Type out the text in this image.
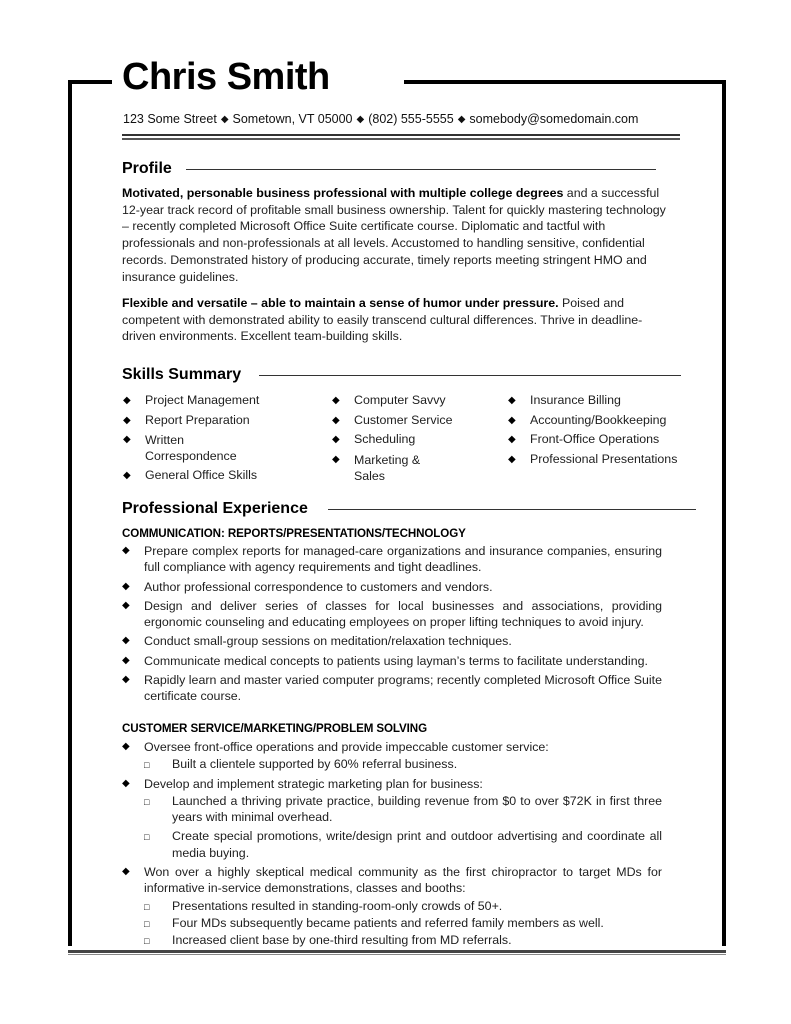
Chris Smith
123 Some Street ◆ Sometown, VT 05000 ◆ (802) 555-5555 ◆ somebody@somedomain.com
Profile
Motivated, personable business professional with multiple college degrees and a successful 12-year track record of profitable small business ownership. Talent for quickly mastering technology – recently completed Microsoft Office Suite certificate course. Diplomatic and tactful with professionals and non-professionals at all levels. Accustomed to handling sensitive, confidential records. Demonstrated history of producing accurate, timely reports meeting stringent HMO and insurance guidelines.
Flexible and versatile – able to maintain a sense of humor under pressure. Poised and competent with demonstrated ability to easily transcend cultural differences. Thrive in deadline-driven environments. Excellent team-building skills.
Skills Summary
◆ Project Management
◆ Report Preparation
◆ Written Correspondence
◆ General Office Skills
◆ Computer Savvy
◆ Customer Service
◆ Scheduling
◆ Marketing & Sales
◆ Insurance Billing
◆ Accounting/Bookkeeping
◆ Front-Office Operations
◆ Professional Presentations
Professional Experience
COMMUNICATION: REPORTS/PRESENTATIONS/TECHNOLOGY
◆ Prepare complex reports for managed-care organizations and insurance companies, ensuring full compliance with agency requirements and tight deadlines.
◆ Author professional correspondence to customers and vendors.
◆ Design and deliver series of classes for local businesses and associations, providing ergonomic counseling and educating employees on proper lifting techniques to avoid injury.
◆ Conduct small-group sessions on meditation/relaxation techniques.
◆ Communicate medical concepts to patients using layman’s terms to facilitate understanding.
◆ Rapidly learn and master varied computer programs; recently completed Microsoft Office Suite certificate course.
CUSTOMER SERVICE/MARKETING/PROBLEM SOLVING
◆ Oversee front-office operations and provide impeccable customer service:
□ Built a clientele supported by 60% referral business.
◆ Develop and implement strategic marketing plan for business:
□ Launched a thriving private practice, building revenue from $0 to over $72K in first three years with minimal overhead.
□ Create special promotions, write/design print and outdoor advertising and coordinate all media buying.
◆ Won over a highly skeptical medical community as the first chiropractor to target MDs for informative in-service demonstrations, classes and booths:
□ Presentations resulted in standing-room-only crowds of 50+.
□ Four MDs subsequently became patients and referred family members as well.
□ Increased client base by one-third resulting from MD referrals.
